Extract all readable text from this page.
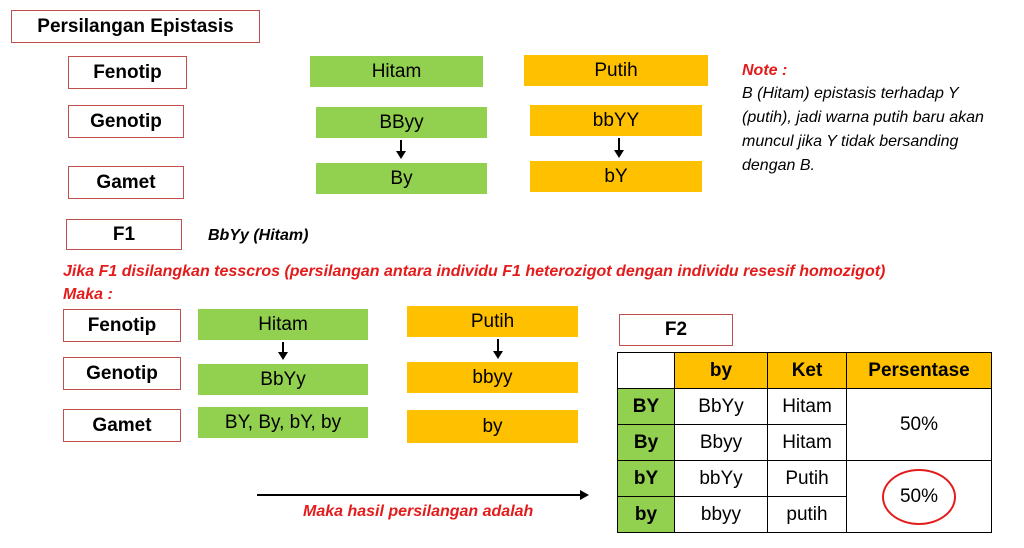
Persilangan Epistasis
Fenotip
Genotip
Gamet
F1
Hitam
BByy
By
Putih
bbYY
bY
Note :
B (Hitam) epistasis terhadap Y (putih), jadi warna putih baru akan muncul jika Y tidak bersanding dengan B.
BbYy (Hitam)
Jika F1 disilangkan tesscros (persilangan antara individu F1 heterozigot dengan individu resesif homozigot)
Maka :
Fenotip
Genotip
Gamet
Hitam
BbYy
BY, By, bY, by
Putih
bbyy
by
Maka hasil persilangan adalah
F2
	by	Ket	Persentase
BY	BbYy	Hitam	50%
By	Bbyy	Hitam	
bY	bbYy	Putih	50%
by	bbyy	putih	
